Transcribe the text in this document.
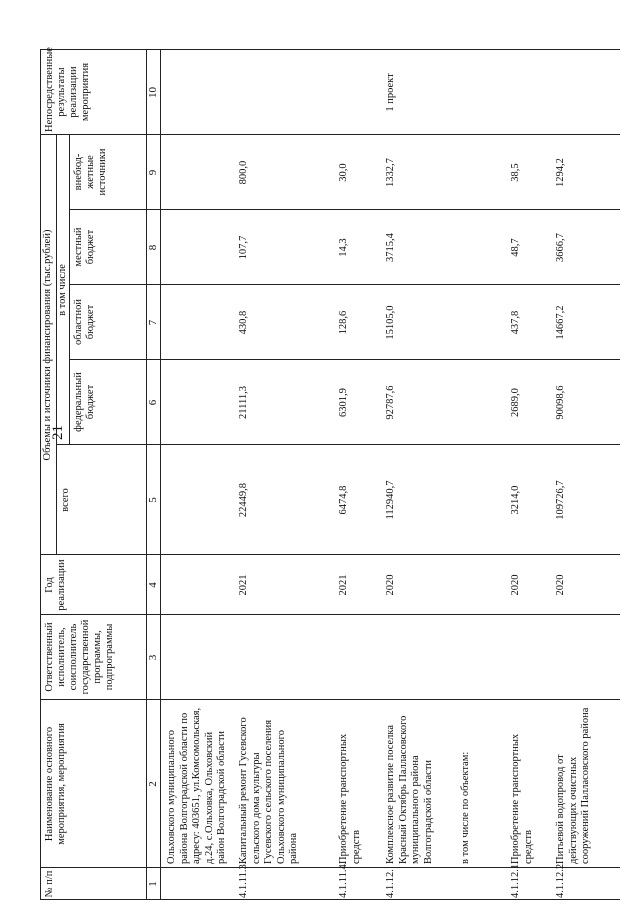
21
№ п/п
Наименование основного мероприятия, мероприятия
Ответственный исполнитель, соисполнитель государственной программы, подпрограммы
Год реализации
Объемы и источники финансирования (тыс.рублей)
всего
в том числе
федеральный бюджет
областной бюджет
местный бюджет
внебюд-жетные источники
Непосредственные результаты реализации мероприятия
1
2
3
4
5
6
7
8
9
10
Ольховского муниципального района Волгоградской области по адресу: 403651, ул.Комсомольская, д.24, с.Ольховка, Ольховский район Волгоградской области
4.1.11.3.
Капитальный ремонт Гусевского сельского дома культуры Гусевского сельского поселения Ольховского муниципального района
2021
22449,8
21111,3
430,8
107,7
800,0
4.1.11.4.
Приобретение транспортных средств
2021
6474,8
6301,9
128,6
14,3
30,0
4.1.12.
Комплексное развитие поселка Красный Октябрь Палласовского муниципального района Волгоградской области
2020
112940,7
92787,6
15105,0
3715,4
1332,7
1 проект
в том числе по объектам:
4.1.12.1.
Приобретение транспортных средств
2020
3214,0
2689,0
437,8
48,7
38,5
4.1.12.2.
Питьевой водопровод от действующих очистных сооружений Палласовского района
2020
109726,7
90098,6
14667,2
3666,7
1294,2
